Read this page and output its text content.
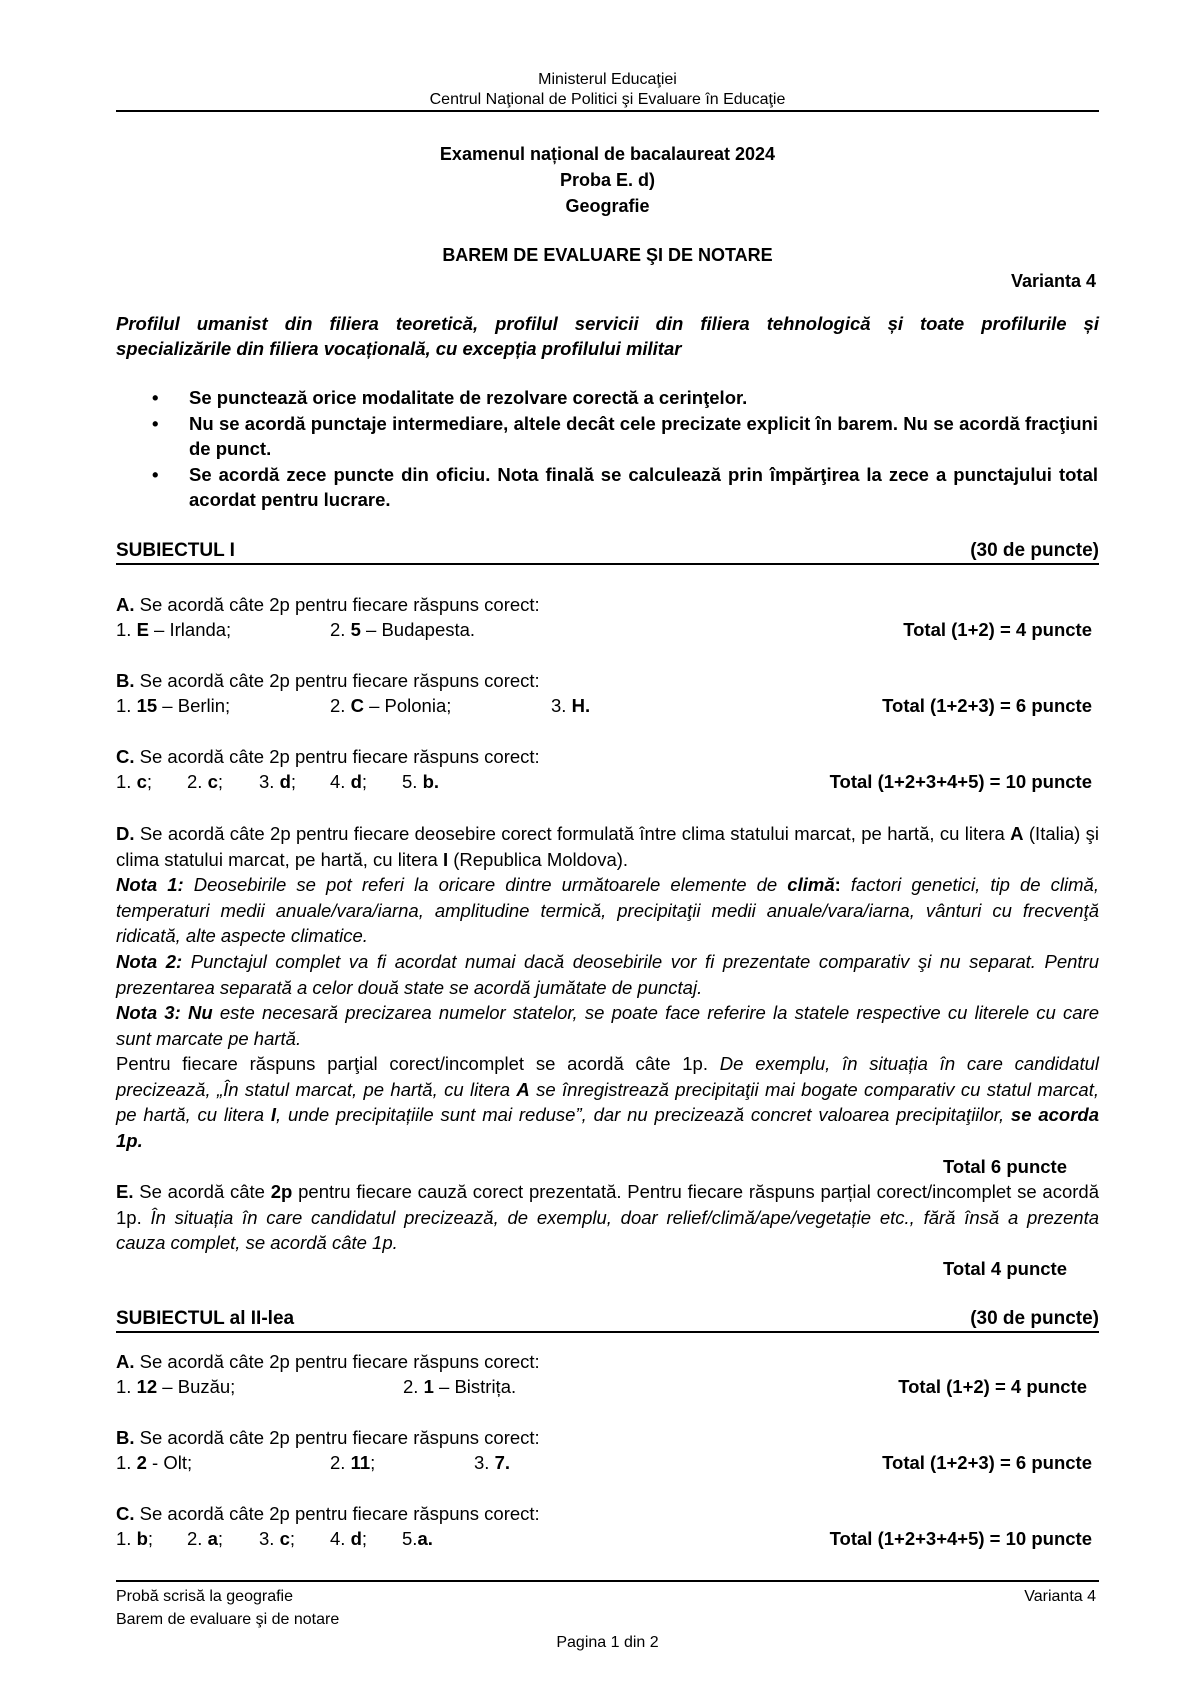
Ministerul Educaţiei
Centrul Naţional de Politici şi Evaluare în Educaţie
Examenul național de bacalaureat 2024
Proba E. d)
Geografie
BAREM DE EVALUARE ŞI DE NOTARE
Varianta 4
Profilul umanist din filiera teoretică, profilul servicii din filiera tehnologică și toate profilurile și
specializările din filiera vocațională, cu excepția profilului militar
• Se punctează orice modalitate de rezolvare corectă a cerinţelor.
• Nu se acordă punctaje intermediare, altele decât cele precizate explicit în barem. Nu se acordă fracţiuni de punct.
• Se acordă zece puncte din oficiu. Nota finală se calculează prin împărţirea la zece a punctajului total acordat pentru lucrare.
SUBIECTUL I	(30 de puncte)
A. Se acordă câte 2p pentru fiecare răspuns corect:
1. E – Irlanda;	2. 5 – Budapesta.	Total (1+2) = 4 puncte
B. Se acordă câte 2p pentru fiecare răspuns corect:
1. 15 – Berlin;	2. C – Polonia;	3. H.	Total (1+2+3) = 6 puncte
C. Se acordă câte 2p pentru fiecare răspuns corect:
1. c; 2. c; 3. d; 4. d; 5. b.	Total (1+2+3+4+5) = 10 puncte
D. Se acordă câte 2p pentru fiecare deosebire corect formulată între clima statului marcat, pe hartă, cu litera A (Italia) şi clima statului marcat, pe hartă, cu litera I (Republica Moldova).
Nota 1: Deosebirile se pot referi la oricare dintre următoarele elemente de climă: factori genetici, tip de climă, temperaturi medii anuale/vara/iarna, amplitudine termică, precipitaţii medii anuale/vara/iarna, vânturi cu frecvenţă ridicată, alte aspecte climatice.
Nota 2: Punctajul complet va fi acordat numai dacă deosebirile vor fi prezentate comparativ şi nu separat. Pentru prezentarea separată a celor două state se acordă jumătate de punctaj.
Nota 3: Nu este necesară precizarea numelor statelor, se poate face referire la statele respective cu literele cu care sunt marcate pe hartă.
Pentru fiecare răspuns parţial corect/incomplet se acordă câte 1p. De exemplu, în situația în care candidatul precizează, „În statul marcat, pe hartă, cu litera A se înregistrează precipitaţii mai bogate comparativ cu statul marcat, pe hartă, cu litera I, unde precipitațiile sunt mai reduse”, dar nu precizează concret valoarea precipitaţiilor, se acorda 1p.
Total 6 puncte
E. Se acordă câte 2p pentru fiecare cauză corect prezentată. Pentru fiecare răspuns parțial corect/incomplet se acordă 1p. În situația în care candidatul precizează, de exemplu, doar relief/climă/ape/vegetație etc., fără însă a prezenta cauza complet, se acordă câte 1p.
Total 4 puncte
SUBIECTUL al II-lea	(30 de puncte)
A. Se acordă câte 2p pentru fiecare răspuns corect:
1. 12 – Buzău;	2. 1 – Bistrița.	Total (1+2) = 4 puncte
B. Se acordă câte 2p pentru fiecare răspuns corect:
1. 2 - Olt;	2. 11;	3. 7.	Total (1+2+3) = 6 puncte
C. Se acordă câte 2p pentru fiecare răspuns corect:
1. b; 2. a; 3. c; 4. d; 5.a.	Total (1+2+3+4+5) = 10 puncte
Probă scrisă la geografie	Varianta 4
Barem de evaluare şi de notare
Pagina 1 din 2
